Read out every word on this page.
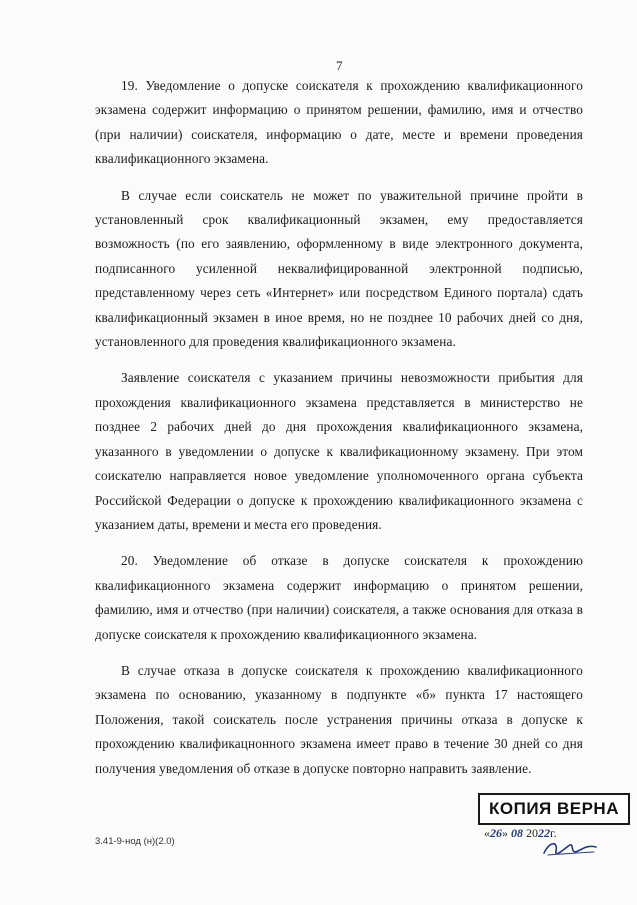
7

19. Уведомление о допуске соискателя к прохождению квалификационного экзамена содержит информацию о принятом решении, фамилию, имя и отчество (при наличии) соискателя, информацию о дате, месте и времени проведения квалификационного экзамена.

В случае если соискатель не может по уважительной причине пройти в установленный срок квалификационный экзамен, ему предоставляется возможность (по его заявлению, оформленному в виде электронного документа, подписанного усиленной неквалифицированной электронной подписью, представленному через сеть «Интернет» или посредством Единого портала) сдать квалификационный экзамен в иное время, но не позднее 10 рабочих дней со дня, установленного для проведения квалификационного экзамена.

Заявление соискателя с указанием причины невозможности прибытия для прохождения квалификационного экзамена представляется в министерство не позднее 2 рабочих дней до дня прохождения квалификационного экзамена, указанного в уведомлении о допуске к квалификационному экзамену. При этом соискателю направляется новое уведомление уполномоченного органа субъекта Российской Федерации о допуске к прохождению квалификационного экзамена с указанием даты, времени и места его проведения.

20. Уведомление об отказе в допуске соискателя к прохождению квалификационного экзамена содержит информацию о принятом решении, фамилию, имя и отчество (при наличии) соискателя, а также основания для отказа в допуске соискателя к прохождению квалификационного экзамена.

В случае отказа в допуске соискателя к прохождению квалификационного экзамена по основанию, указанному в подпункте «б» пункта 17 настоящего Положения, такой соискатель после устранения причины отказа в допуске к прохождению квалификацнонного экзамена имеет право в течение 30 дней со дня получения уведомления об отказе в допуске повторно направить заявление.

3.41-9-нод (н)(2.0)
КОПИЯ ВЕРНА
«26» 08 2022г.
